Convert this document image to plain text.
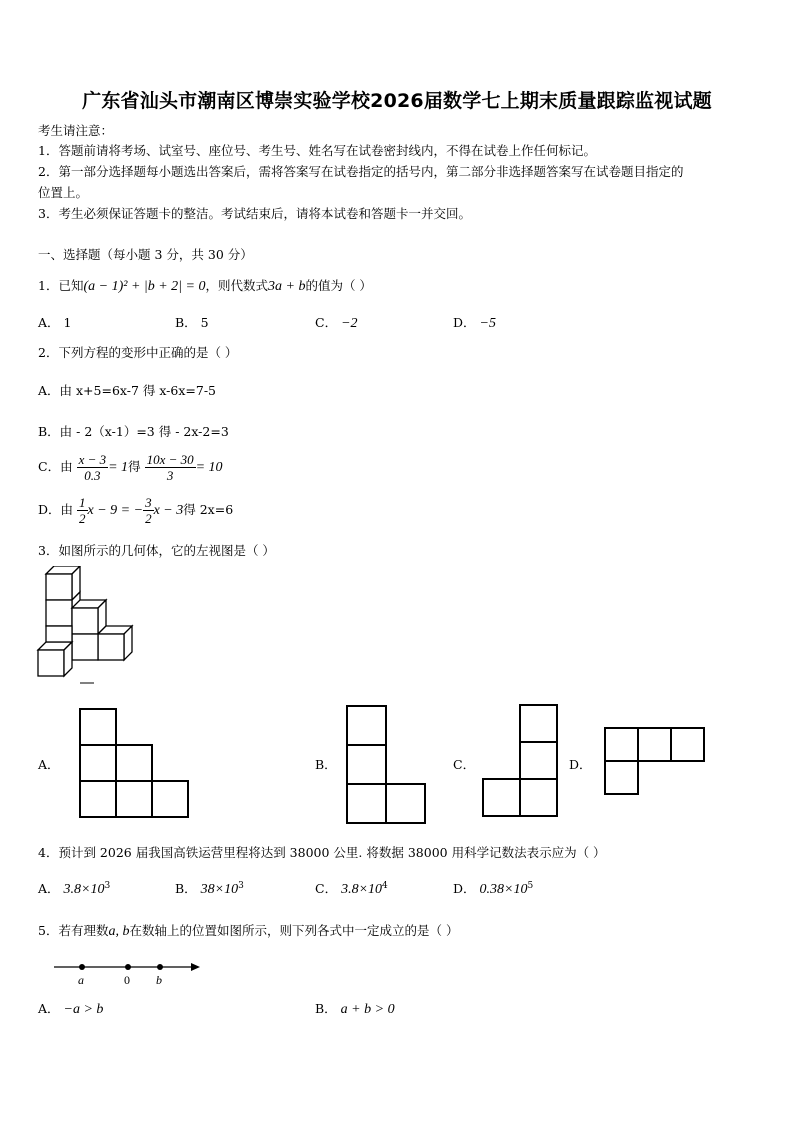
广东省汕头市潮南区博崇实验学校2026届数学七上期末质量跟踪监视试题
考生请注意：
1．答题前请将考场、试室号、座位号、考生号、姓名写在试卷密封线内，不得在试卷上作任何标记。
2．第一部分选择题每小题选出答案后，需将答案写在试卷指定的括号内，第二部分非选择题答案写在试卷题目指定的
位置上。
3．考生必须保证答题卡的整洁。考试结束后，请将本试卷和答题卡一并交回。
一、选择题（每小题 3 分，共 30 分）
1．已知(a − 1)² + |b + 2| = 0，则代数式3a + b的值为（ ）
A． 1	B． 5	C． −2	D． −5
2．下列方程的变形中正确的是（ ）
A．由 x+5=6x-7 得 x-6x=7-5
B．由 - 2（x-1）=3 得 - 2x-2=3
C．由 $\frac{x - 3}{0.3} = 1$得 $\frac{10x - 30}{3} = 10$
D．由 $\frac{1}{2}$ x − 9 = − $\frac{3}{2}$ x − 3得 2x=6
3．如图所示的几何体，它的左视图是（ ）
A．	B．	C．	D．
4．预计到 2026 届我国高铁运营里程将达到 38000 公里. 将数据 38000 用科学记数法表示应为（ ）
A． $3.8\times 10^3$	B． $38\times 10^3$	C． $3.8\times 10^4$	D． $0.38\times 10^5$
5．若有理数a, b在数轴上的位置如图所示，则下列各式中一定成立的是（ ）
a	0 b
A． −a > b	B． a + b > 0
